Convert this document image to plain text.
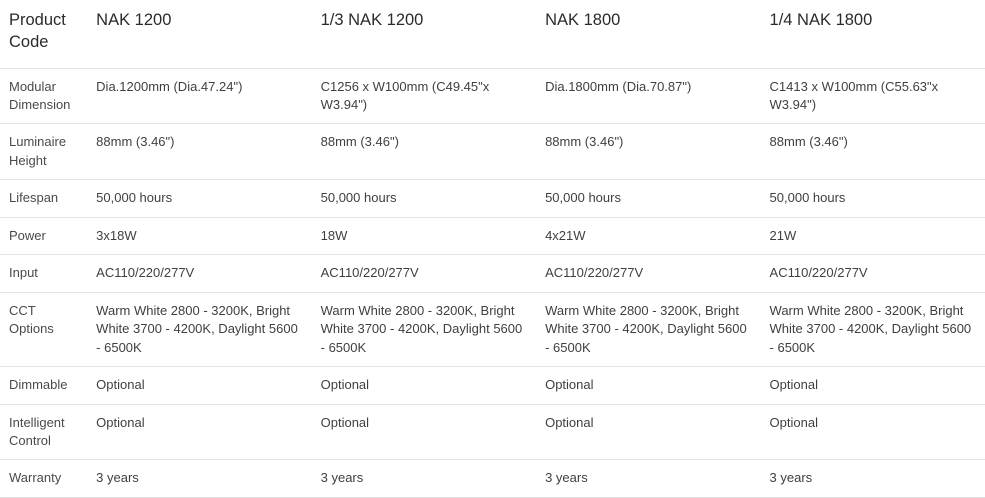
Product Code	NAK 1200	1/3 NAK 1200	NAK 1800	1/4 NAK 1800
Modular Dimension	Dia.1200mm (Dia.47.24")	C1256 x W100mm (C49.45"x W3.94")	Dia.1800mm (Dia.70.87")	C1413 x W100mm (C55.63"x W3.94")
Luminaire Height	88mm (3.46")	88mm (3.46")	88mm (3.46")	88mm (3.46")
Lifespan	50,000 hours	50,000 hours	50,000 hours	50,000 hours
Power	3x18W	18W	4x21W	21W
Input	AC110/220/277V	AC110/220/277V	AC110/220/277V	AC110/220/277V
CCT Options	Warm White 2800 - 3200K, Bright White 3700 - 4200K, Daylight 5600 - 6500K	Warm White 2800 - 3200K, Bright White 3700 - 4200K, Daylight 5600 - 6500K	Warm White 2800 - 3200K, Bright White 3700 - 4200K, Daylight 5600 - 6500K	Warm White 2800 - 3200K, Bright White 3700 - 4200K, Daylight 5600 - 6500K
Dimmable	Optional	Optional	Optional	Optional
Intelligent Control	Optional	Optional	Optional	Optional
Warranty	3 years	3 years	3 years	3 years
